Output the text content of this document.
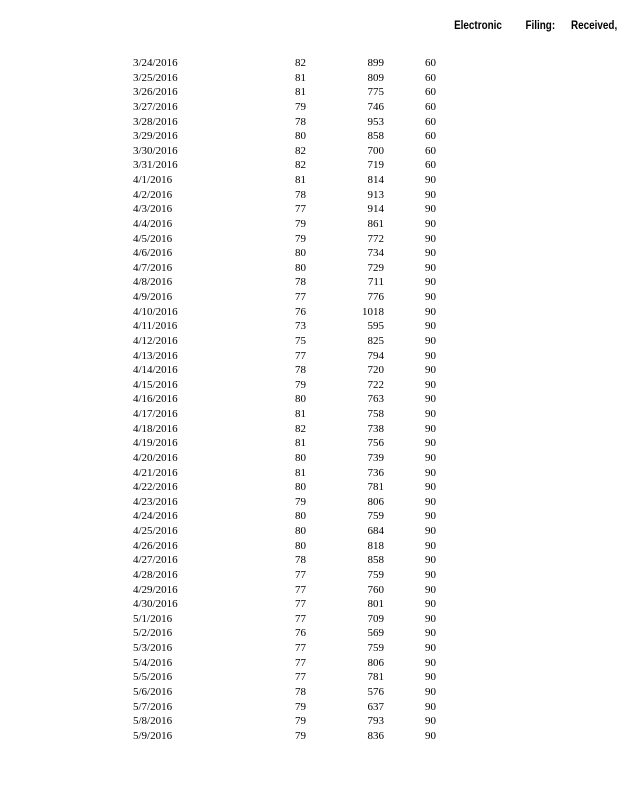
Electronic Filing: Received,
3/24/2016	82	899	60
3/25/2016	81	809	60
3/26/2016	81	775	60
3/27/2016	79	746	60
3/28/2016	78	953	60
3/29/2016	80	858	60
3/30/2016	82	700	60
3/31/2016	82	719	60
4/1/2016	81	814	90
4/2/2016	78	913	90
4/3/2016	77	914	90
4/4/2016	79	861	90
4/5/2016	79	772	90
4/6/2016	80	734	90
4/7/2016	80	729	90
4/8/2016	78	711	90
4/9/2016	77	776	90
4/10/2016	76	1018	90
4/11/2016	73	595	90
4/12/2016	75	825	90
4/13/2016	77	794	90
4/14/2016	78	720	90
4/15/2016	79	722	90
4/16/2016	80	763	90
4/17/2016	81	758	90
4/18/2016	82	738	90
4/19/2016	81	756	90
4/20/2016	80	739	90
4/21/2016	81	736	90
4/22/2016	80	781	90
4/23/2016	79	806	90
4/24/2016	80	759	90
4/25/2016	80	684	90
4/26/2016	80	818	90
4/27/2016	78	858	90
4/28/2016	77	759	90
4/29/2016	77	760	90
4/30/2016	77	801	90
5/1/2016	77	709	90
5/2/2016	76	569	90
5/3/2016	77	759	90
5/4/2016	77	806	90
5/5/2016	77	781	90
5/6/2016	78	576	90
5/7/2016	79	637	90
5/8/2016	79	793	90
5/9/2016	79	836	90
